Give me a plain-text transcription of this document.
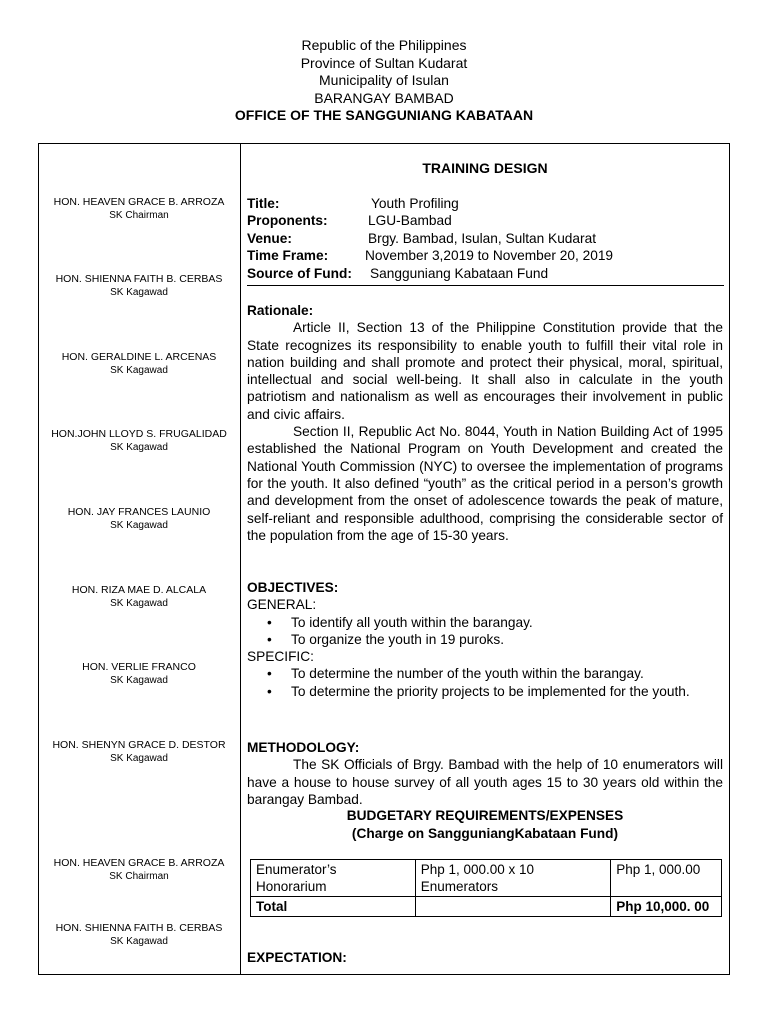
Republic of the Philippines
Province of Sultan Kudarat
Municipality of Isulan
BARANGAY BAMBAD
OFFICE OF THE SANGGUNIANG KABATAAN
HON. HEAVEN GRACE B. ARROZA
SK Chairman
HON. SHIENNA FAITH B. CERBAS
SK Kagawad
HON. GERALDINE L. ARCENAS
SK Kagawad
HON.JOHN LLOYD S. FRUGALIDAD
SK Kagawad
HON. JAY FRANCES LAUNIO
SK Kagawad
HON. RIZA MAE D. ALCALA
SK Kagawad
HON. VERLIE FRANCO
SK Kagawad
HON. SHENYN GRACE D. DESTOR
SK Kagawad
HON. HEAVEN GRACE B. ARROZA
SK Chairman
HON. SHIENNA FAITH B. CERBAS
SK Kagawad
TRAINING DESIGN
Title:	Youth Profiling
Proponents:	LGU-Bambad
Venue:	Brgy. Bambad, Isulan, Sultan Kudarat
Time Frame:	November 3,2019 to November 20, 2019
Source of Fund: Sangguniang Kabataan Fund
Rationale:
Article II, Section 13 of the Philippine Constitution provide that the State recognizes its responsibility to enable youth to fulfill their vital role in nation building and shall promote and protect their physical, moral, spiritual, intellectual and social well-being. It shall also in calculate in the youth patriotism and nationalism as well as encourages their involvement in public and civic affairs.
Section II, Republic Act No. 8044, Youth in Nation Building Act of 1995 established the National Program on Youth Development and created the National Youth Commission (NYC) to oversee the implementation of programs for the youth. It also defined “youth” as the critical period in a person’s growth and development from the onset of adolescence towards the peak of mature, self-reliant and responsible adulthood, comprising the considerable sector of the population from the age of 15-30 years.
OBJECTIVES:
GENERAL:
• To identify all youth within the barangay.
• To organize the youth in 19 puroks.
SPECIFIC:
• To determine the number of the youth within the barangay.
• To determine the priority projects to be implemented for the youth.
METHODOLOGY:
The SK Officials of Brgy. Bambad with the help of 10 enumerators will have a house to house survey of all youth ages 15 to 30 years old within the barangay Bambad.
BUDGETARY REQUIREMENTS/EXPENSES
(Charge on SangguniangKabataan Fund)
Enumerator’s Honorarium	Php 1, 000.00 x 10 Enumerators	Php 1, 000.00
Total		Php 10,000. 00
EXPECTATION:
